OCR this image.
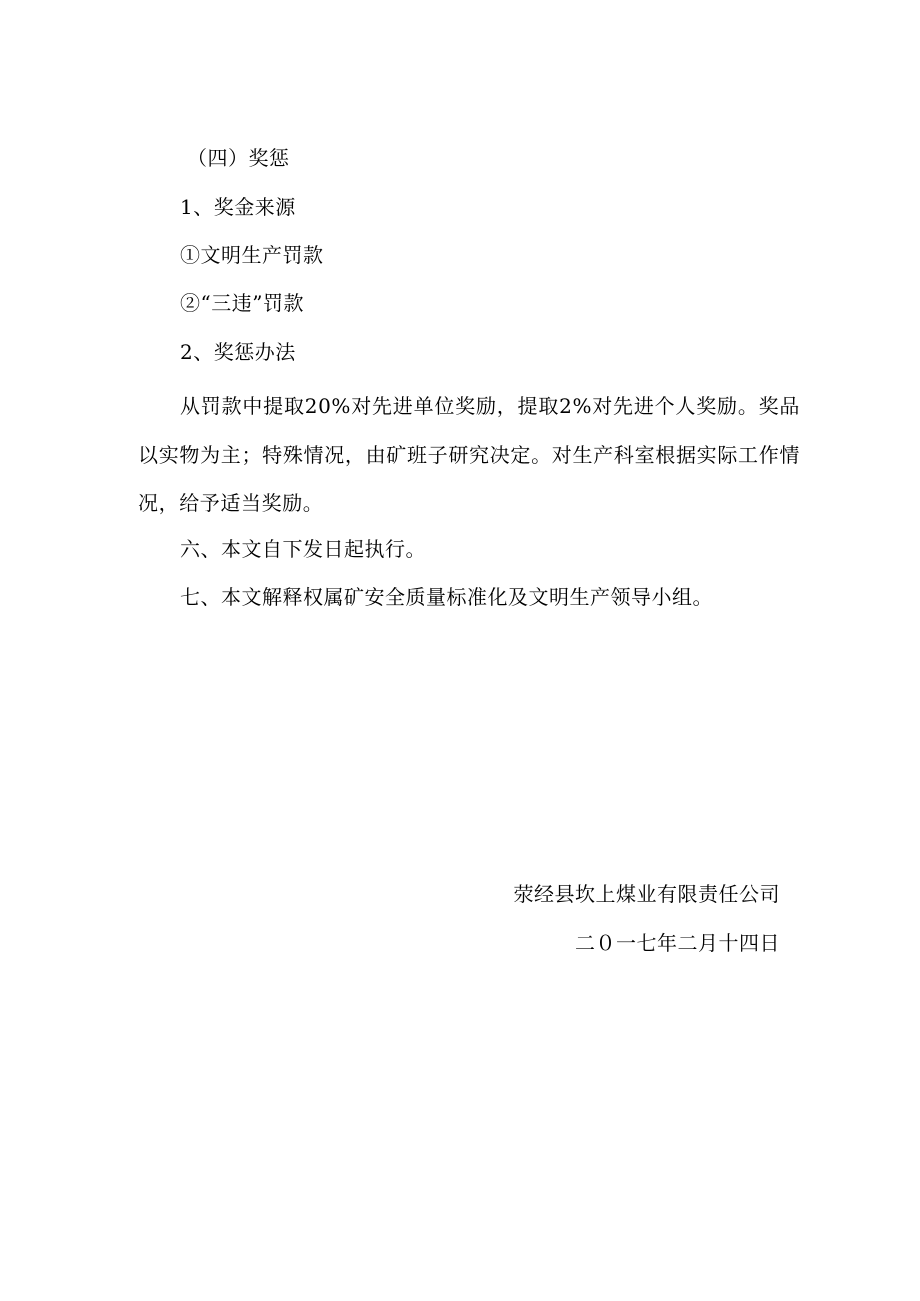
（四）奖惩
1、奖金来源
①文明生产罚款
②“三违”罚款
2、奖惩办法
从罚款中提取20%对先进单位奖励，提取2%对先进个人奖励。奖品以实物为主；特殊情况，由矿班子研究决定。对生产科室根据实际工作情况，给予适当奖励。
六、本文自下发日起执行。
七、本文解释权属矿安全质量标准化及文明生产领导小组。
荥经县坎上煤业有限责任公司
二０一七年二月十四日
